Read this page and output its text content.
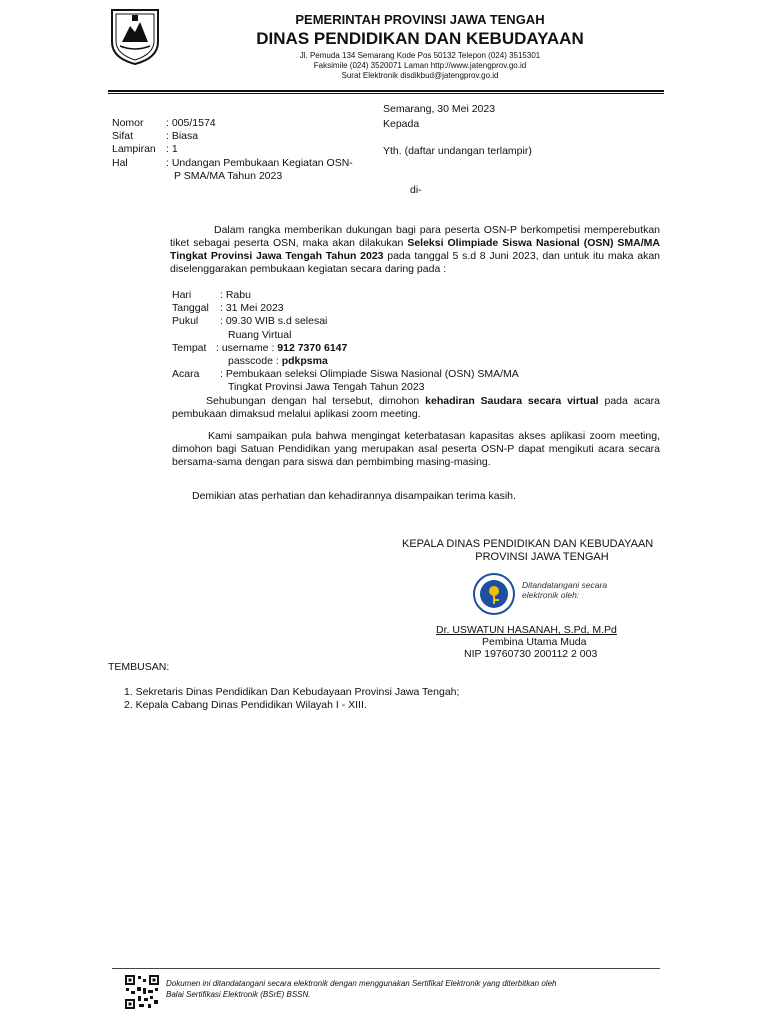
PEMERINTAH PROVINSI JAWA TENGAH
DINAS PENDIDIKAN DAN KEBUDAYAAN
Jl. Pemuda 134 Semarang Kode Pos 50132 Telepon (024) 3515301
Faksimile (024) 3520071 Laman http://www.jatengprov.go.id
Surat Elektronik disdikbud@jatengprov.go.id
Semarang, 30 Mei 2023
Kepada
Yth. (daftar undangan terlampir)
di-
Nomor : 005/1574
Sifat	: Biasa
Lampiran : 1
Hal	: Undangan Pembukaan Kegiatan OSN-
P SMA/MA Tahun 2023
Dalam rangka memberikan dukungan bagi para peserta OSN-P berkompetisi memperebutkan tiket sebagai peserta OSN, maka akan dilakukan Seleksi Olimpiade Siswa Nasional (OSN) SMA/MA Tingkat Provinsi Jawa Tengah Tahun 2023 pada tanggal 5 s.d 8 Juni 2023, dan untuk itu maka akan diselenggarakan pembukaan kegiatan secara daring pada :
Hari	: Rabu
Tanggal : 31 Mei 2023
Pukul : 09.30 WIB s.d selesai
Ruang Virtual
Tempat : username : 912 7370 6147
passcode : pdkpsma
Acara : Pembukaan seleksi Olimpiade Siswa Nasional (OSN) SMA/MA
Tingkat Provinsi Jawa Tengah Tahun 2023
Sehubungan dengan hal tersebut, dimohon kehadiran Saudara secara virtual pada acara pembukaan dimaksud melalui aplikasi zoom meeting.
Kami sampaikan pula bahwa mengingat keterbatasan kapasitas akses aplikasi zoom meeting, dimohon bagi Satuan Pendidikan yang merupakan asal peserta OSN-P dapat mengikuti acara secara bersama-sama dengan para siswa dan pembimbing masing-masing.
Demikian atas perhatian dan kehadirannya disampaikan terima kasih.
KEPALA DINAS PENDIDIKAN DAN KEBUDAYAAN
PROVINSI JAWA TENGAH
Ditandatangani secara
elektronik oleh:
Dr. USWATUN HASANAH, S.Pd, M.Pd
Pembina Utama Muda
NIP 19760730 200112 2 003
TEMBUSAN:
1. Sekretaris Dinas Pendidikan Dan Kebudayaan Provinsi Jawa Tengah;
2. Kepala Cabang Dinas Pendidikan Wilayah I - XIII.
Dokumen ini ditandatangani secara elektronik dengan menggunakan Sertifikat Elektronik yang diterbitkan oleh
Balai Sertifikasi Elektronik (BSrE) BSSN.
